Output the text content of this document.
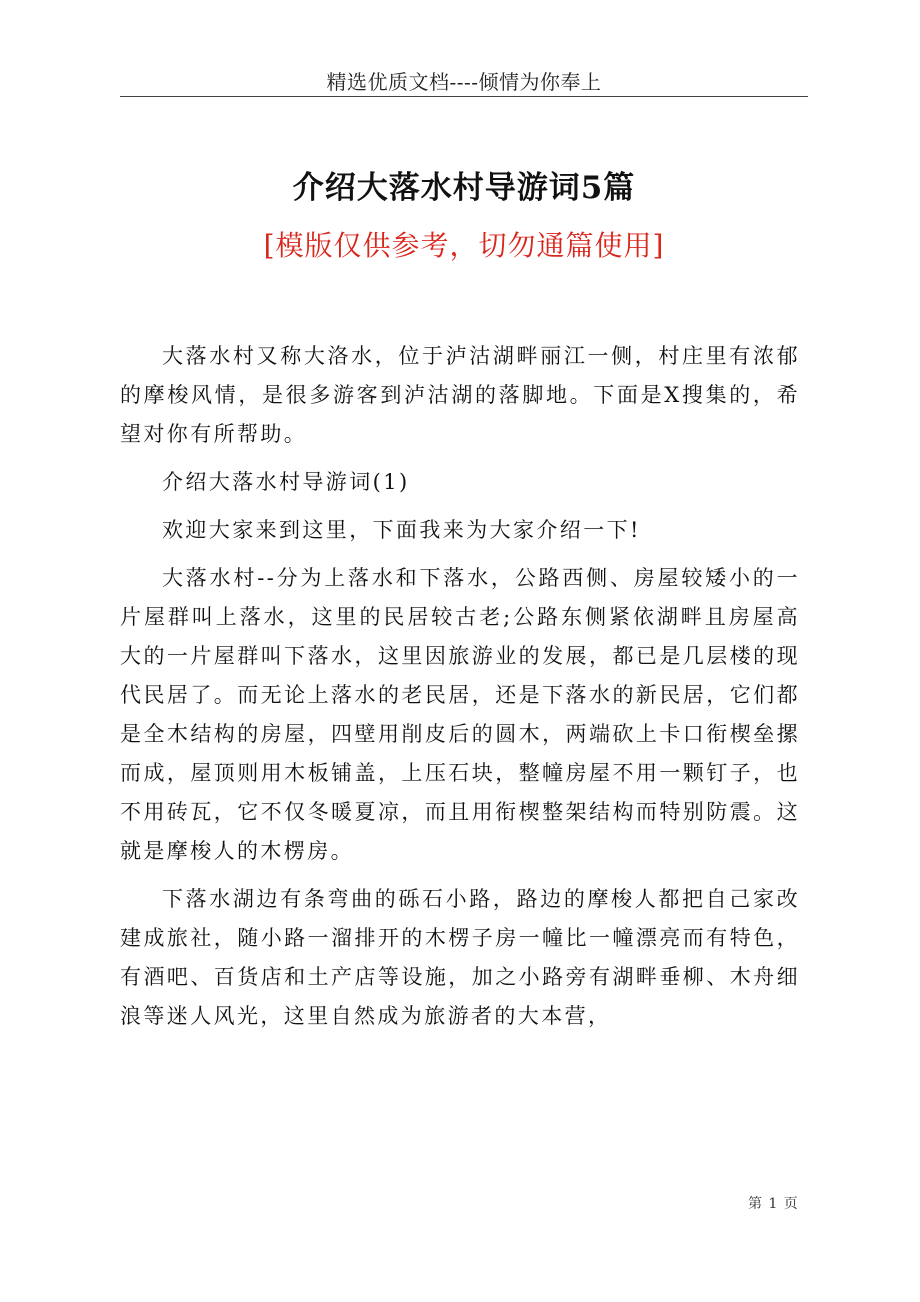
精选优质文档----倾情为你奉上
介绍大落水村导游词5篇
[模版仅供参考，切勿通篇使用]

大落水村又称大洛水，位于泸沽湖畔丽江一侧，村庄里有浓郁的摩梭风情，是很多游客到泸沽湖的落脚地。下面是X搜集的，希望对你有所帮助。

介绍大落水村导游词(1)

欢迎大家来到这里，下面我来为大家介绍一下!

大落水村--分为上落水和下落水，公路西侧、房屋较矮小的一片屋群叫上落水，这里的民居较古老;公路东侧紧依湖畔且房屋高大的一片屋群叫下落水，这里因旅游业的发展，都已是几层楼的现代民居了。而无论上落水的老民居，还是下落水的新民居，它们都是全木结构的房屋，四壁用削皮后的圆木，两端砍上卡口衔楔垒摞而成，屋顶则用木板铺盖，上压石块，整幢房屋不用一颗钉子，也不用砖瓦，它不仅冬暖夏凉，而且用衔楔整架结构而特别防震。这就是摩梭人的木楞房。

下落水湖边有条弯曲的砾石小路，路边的摩梭人都把自己家改建成旅社，随小路一溜排开的木楞子房一幢比一幢漂亮而有特色，有酒吧、百货店和土产店等设施，加之小路旁有湖畔垂柳、木舟细浪等迷人风光，这里自然成为旅游者的大本营，

第 1 页
